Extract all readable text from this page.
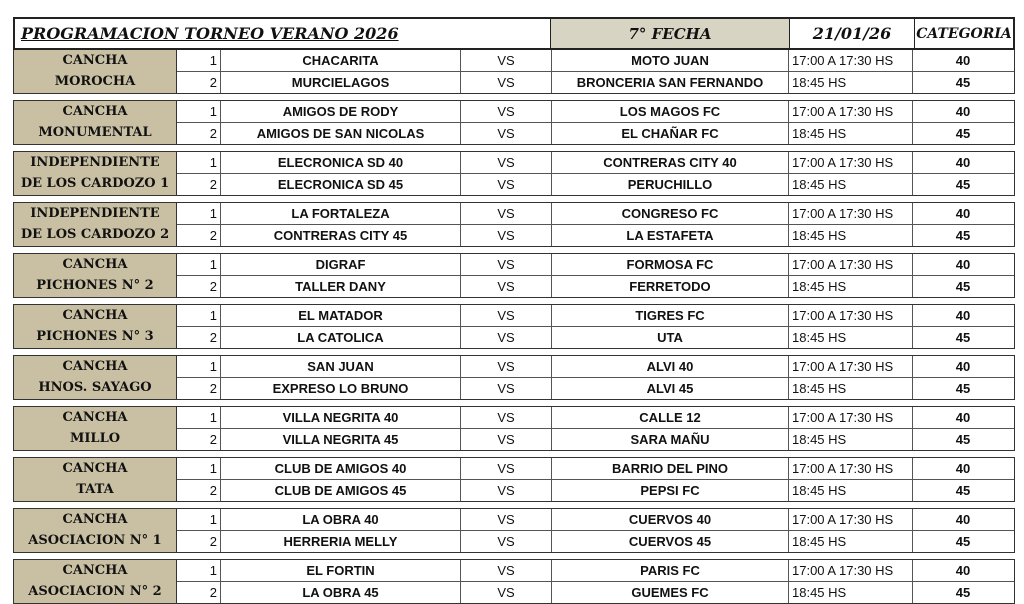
PROGRAMACION TORNEO VERANO 2026	7° FECHA	21/01/26	CATEGORIA
CANCHA
MOROCHA
1	CHACARITA	VS	MOTO JUAN	17:00 A 17:30 HS	40
2	MURCIELAGOS	VS	BRONCERIA SAN FERNANDO	18:45 HS	45
CANCHA
MONUMENTAL
1	AMIGOS DE RODY	VS	LOS MAGOS FC	17:00 A 17:30 HS	40
2	AMIGOS DE SAN NICOLAS	VS	EL CHAÑAR FC	18:45 HS	45
INDEPENDIENTE
DE LOS CARDOZO 1
1	ELECRONICA SD 40	VS	CONTRERAS CITY 40	17:00 A 17:30 HS	40
2	ELECRONICA SD 45	VS	PERUCHILLO	18:45 HS	45
INDEPENDIENTE
DE LOS CARDOZO 2
1	LA FORTALEZA	VS	CONGRESO FC	17:00 A 17:30 HS	40
2	CONTRERAS CITY 45	VS	LA ESTAFETA	18:45 HS	45
CANCHA
PICHONES N° 2
1	DIGRAF	VS	FORMOSA FC	17:00 A 17:30 HS	40
2	TALLER DANY	VS	FERRETODO	18:45 HS	45
CANCHA
PICHONES N° 3
1	EL MATADOR	VS	TIGRES FC	17:00 A 17:30 HS	40
2	LA CATOLICA	VS	UTA	18:45 HS	45
CANCHA
HNOS. SAYAGO
1	SAN JUAN	VS	ALVI 40	17:00 A 17:30 HS	40
2	EXPRESO LO BRUNO	VS	ALVI 45	18:45 HS	45
CANCHA
MILLO
1	VILLA NEGRITA 40	VS	CALLE 12	17:00 A 17:30 HS	40
2	VILLA NEGRITA 45	VS	SARA MAÑU	18:45 HS	45
CANCHA
TATA
1	CLUB DE AMIGOS 40	VS	BARRIO DEL PINO	17:00 A 17:30 HS	40
2	CLUB DE AMIGOS 45	VS	PEPSI FC	18:45 HS	45
CANCHA
ASOCIACION N° 1
1	LA OBRA 40	VS	CUERVOS 40	17:00 A 17:30 HS	40
2	HERRERIA MELLY	VS	CUERVOS 45	18:45 HS	45
CANCHA
ASOCIACION N° 2
1	EL FORTIN	VS	PARIS FC	17:00 A 17:30 HS	40
2	LA OBRA 45	VS	GUEMES FC	18:45 HS	45
